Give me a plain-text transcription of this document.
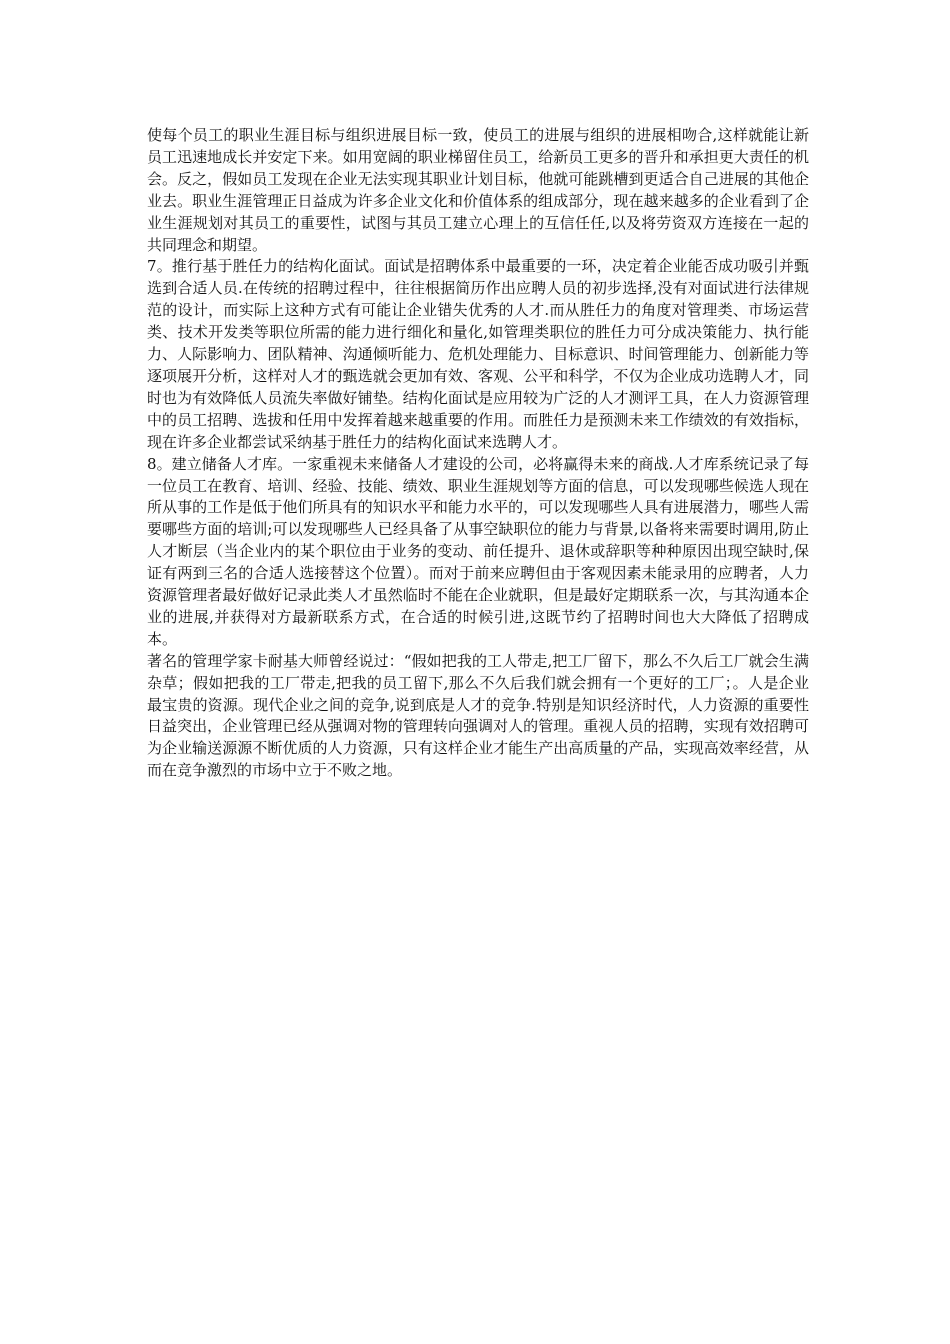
使每个员工的职业生涯目标与组织进展目标一致，使员工的进展与组织的进展相吻合,这样就能让新员工迅速地成长并安定下来。如用宽阔的职业梯留住员工，给新员工更多的晋升和承担更大责任的机会。反之，假如员工发现在企业无法实现其职业计划目标，他就可能跳槽到更适合自己进展的其他企业去。职业生涯管理正日益成为许多企业文化和价值体系的组成部分，现在越来越多的企业看到了企业生涯规划对其员工的重要性，试图与其员工建立心理上的互信任任,以及将劳资双方连接在一起的共同理念和期望。

7。推行基于胜任力的结构化面试。面试是招聘体系中最重要的一环，决定着企业能否成功吸引并甄选到合适人员.在传统的招聘过程中，往往根据简历作出应聘人员的初步选择,没有对面试进行法律规范的设计，而实际上这种方式有可能让企业错失优秀的人才.而从胜任力的角度对管理类、市场运营类、技术开发类等职位所需的能力进行细化和量化,如管理类职位的胜任力可分成决策能力、执行能力、人际影响力、团队精神、沟通倾听能力、危机处理能力、目标意识、时间管理能力、创新能力等逐项展开分析，这样对人才的甄选就会更加有效、客观、公平和科学，不仅为企业成功选聘人才，同时也为有效降低人员流失率做好铺垫。结构化面试是应用较为广泛的人才测评工具，在人力资源管理中的员工招聘、选拔和任用中发挥着越来越重要的作用。而胜任力是预测未来工作绩效的有效指标，现在许多企业都尝试采纳基于胜任力的结构化面试来选聘人才。

8。建立储备人才库。一家重视未来储备人才建设的公司，必将赢得未来的商战.人才库系统记录了每一位员工在教育、培训、经验、技能、绩效、职业生涯规划等方面的信息，可以发现哪些候选人现在所从事的工作是低于他们所具有的知识水平和能力水平的，可以发现哪些人具有进展潜力，哪些人需要哪些方面的培训;可以发现哪些人已经具备了从事空缺职位的能力与背景,以备将来需要时调用,防止人才断层（当企业内的某个职位由于业务的变动、前任提升、退休或辞职等种种原因出现空缺时,保证有两到三名的合适人选接替这个位置）。而对于前来应聘但由于客观因素未能录用的应聘者，人力资源管理者最好做好记录此类人才虽然临时不能在企业就职，但是最好定期联系一次，与其沟通本企业的进展,并获得对方最新联系方式，在合适的时候引进,这既节约了招聘时间也大大降低了招聘成本。

著名的管理学家卡耐基大师曾经说过：“假如把我的工人带走,把工厂留下，那么不久后工厂就会生满杂草；假如把我的工厂带走,把我的员工留下,那么不久后我们就会拥有一个更好的工厂；。人是企业最宝贵的资源。现代企业之间的竞争,说到底是人才的竞争.特别是知识经济时代，人力资源的重要性日益突出，企业管理已经从强调对物的管理转向强调对人的管理。重视人员的招聘，实现有效招聘可为企业输送源源不断优质的人力资源，只有这样企业才能生产出高质量的产品，实现高效率经营，从而在竞争激烈的市场中立于不败之地。
